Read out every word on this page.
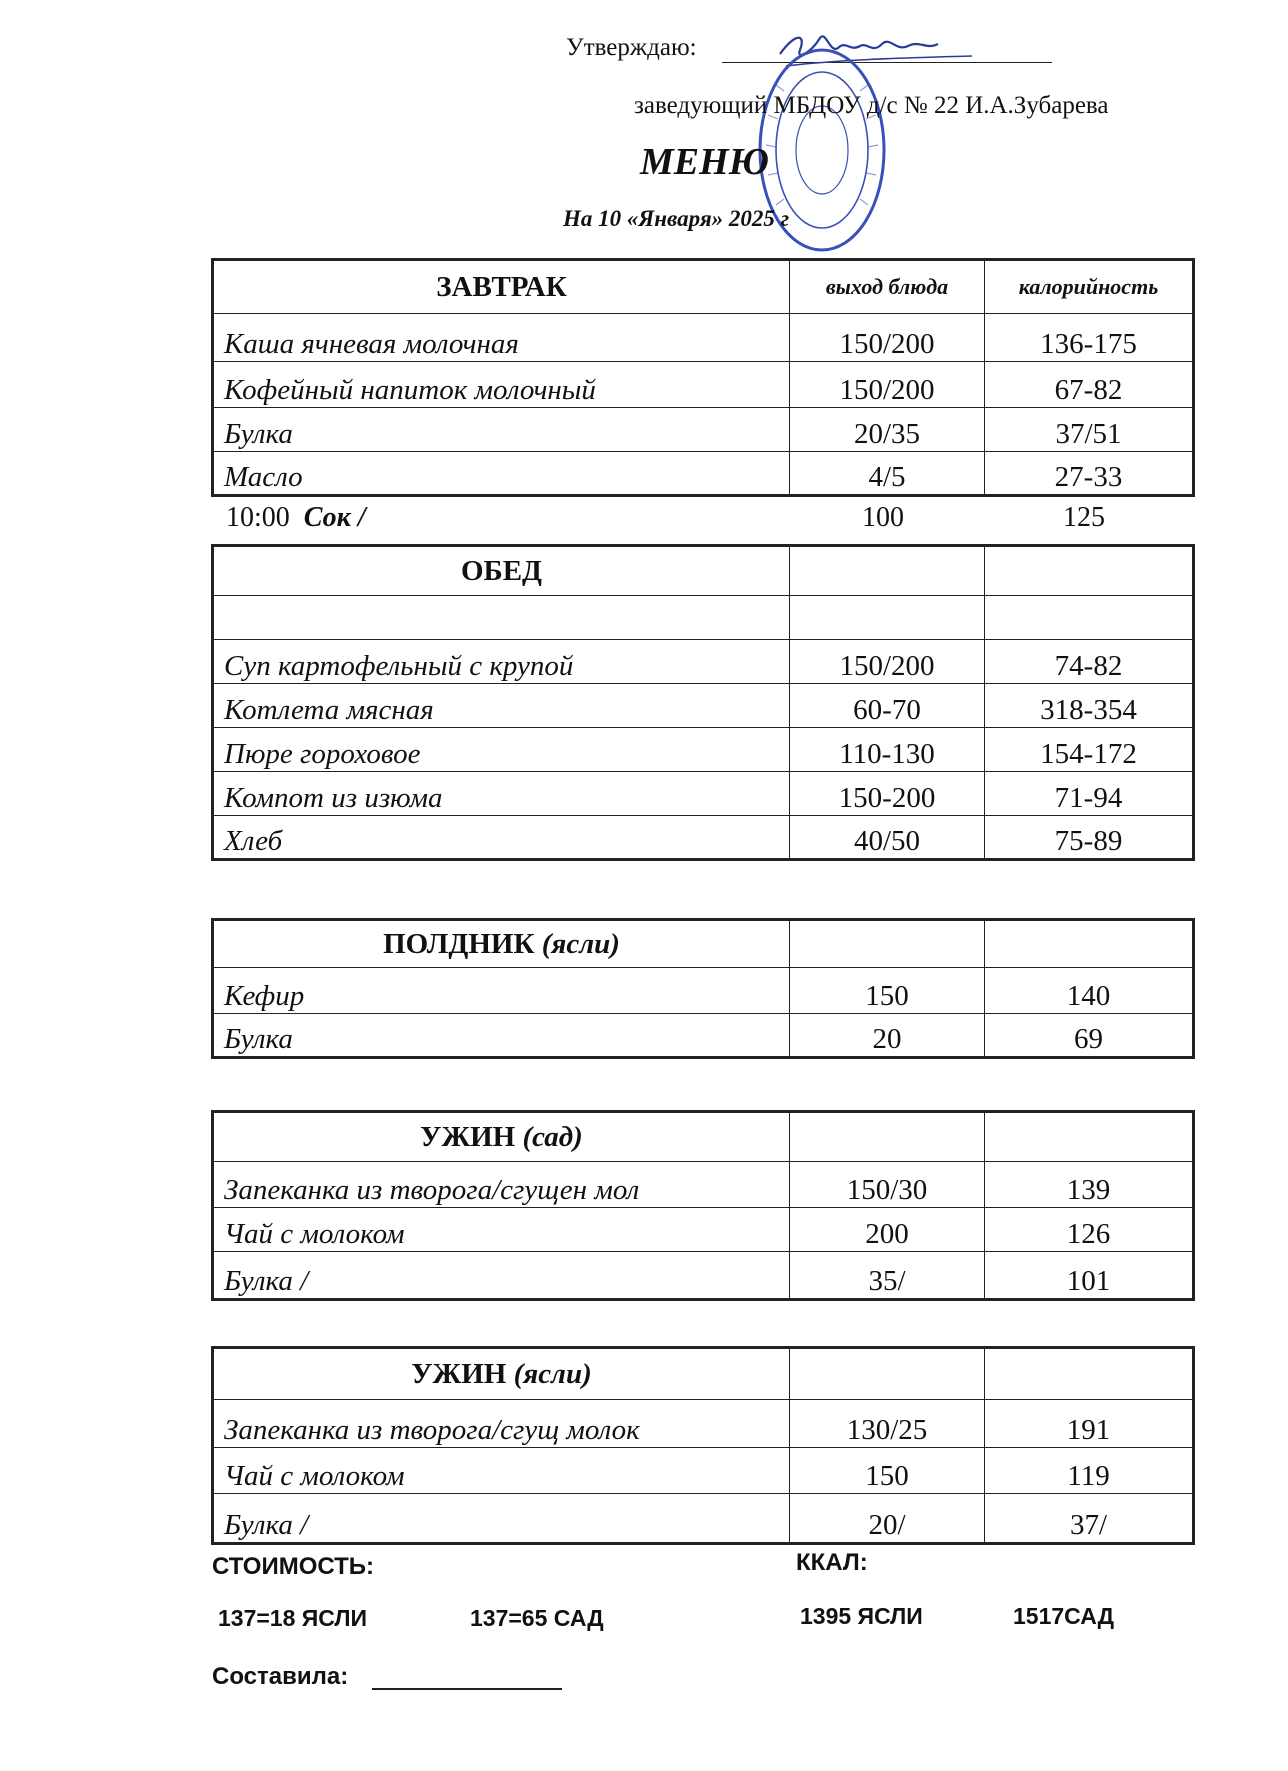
Утверждаю:
заведующий МБДОУ д/с № 22 И.А.Зубарева
МЕНЮ
На 10 «Января» 2025 г
ЗАВТРАК	выход блюда	калорийность
Каша ячневая молочная	150/200	136-175
Кофейный напиток молочный	150/200	67-82
Булка	20/35	37/51
Масло	4/5	27-33
10:00 Сок /	100	125
ОБЕД		

Суп картофельный с крупой	150/200	74-82
Котлета мясная	60-70	318-354
Пюре гороховое	110-130	154-172
Компот из изюма	150-200	71-94
Хлеб	40/50	75-89
ПОЛДНИК (ясли)		
Кефир	150	140
Булка	20	69
УЖИН (сад)		
Запеканка из творога/сгущен мол	150/30	139
Чай с молоком	200	126
Булка /	35/	101
УЖИН (ясли)		
Запеканка из творога/сгущ молок	130/25	191
Чай с молоком	150	119
Булка /	20/	37/
СТОИМОСТЬ:	ККАЛ:
137=18 ЯСЛИ	137=65 САД	1395 ЯСЛИ	1517САД
Составила:
